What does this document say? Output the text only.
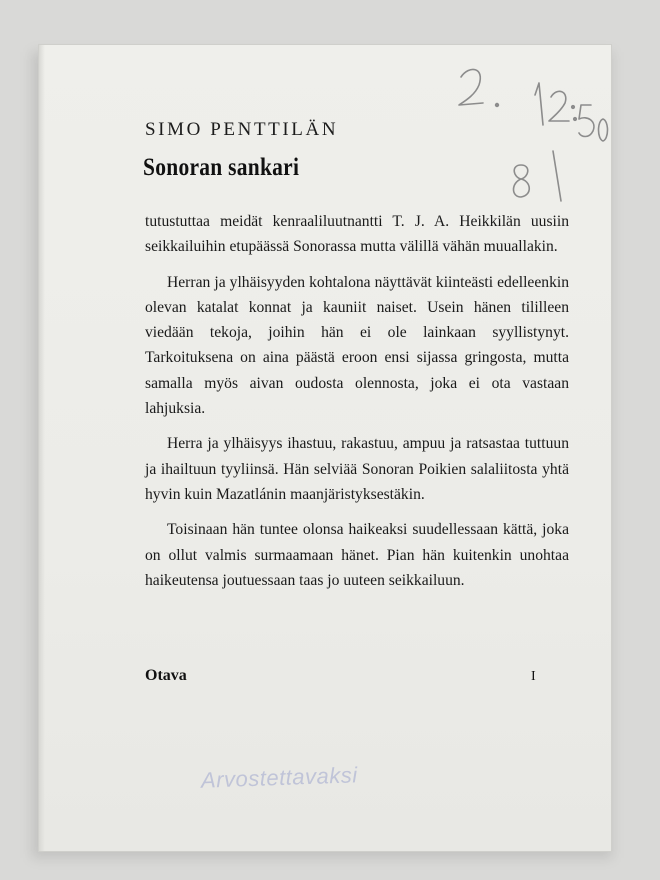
SIMO PENTTILÄN
Sonoran sankari

tutustuttaa meidät kenraaliluutnantti T. J. A. Heikkilän uusiin seikkailuihin etupäässä Sonorassa mutta välillä vähän muuallakin.

Herran ja ylhäisyyden kohtalona näyttävät kiinteästi edelleenkin olevan katalat konnat ja kauniit naiset. Usein hänen tililleen viedään tekoja, joihin hän ei ole lainkaan syyllistynyt. Tarkoituksena on aina päästä eroon ensi sijassa gringosta, mutta samalla myös aivan oudosta olennosta, joka ei ota vastaan lahjuksia.

Herra ja ylhäisyys ihastuu, rakastuu, ampuu ja ratsastaa tuttuun ja ihailtuun tyyliinsä. Hän selviää Sonoran Poikien salaliitosta yhtä hyvin kuin Mazatlánin maanjäristyksestäkin.

Toisinaan hän tuntee olonsa haikeaksi suudellessaan kättä, joka on ollut valmis surmaamaan hänet. Pian hän kuitenkin unohtaa haikeutensa joutuessaan taas jo uuteen seikkailuun.

Otava	I
Arvostettavaksi
